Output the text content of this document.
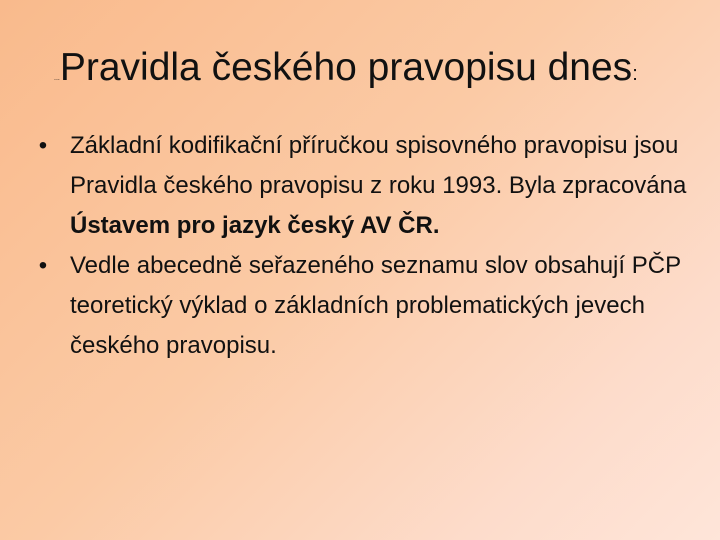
...Pravidla českého pravopisu dnes:
• Základní kodifikační příručkou spisovného pravopisu jsou Pravidla českého pravopisu z roku 1993. Byla zpracována
Ústavem pro jazyk český AV ČR.
• Vedle abecedně seřazeného seznamu slov obsahují PČP teoretický výklad o základních problematických jevech českého pravopisu.
